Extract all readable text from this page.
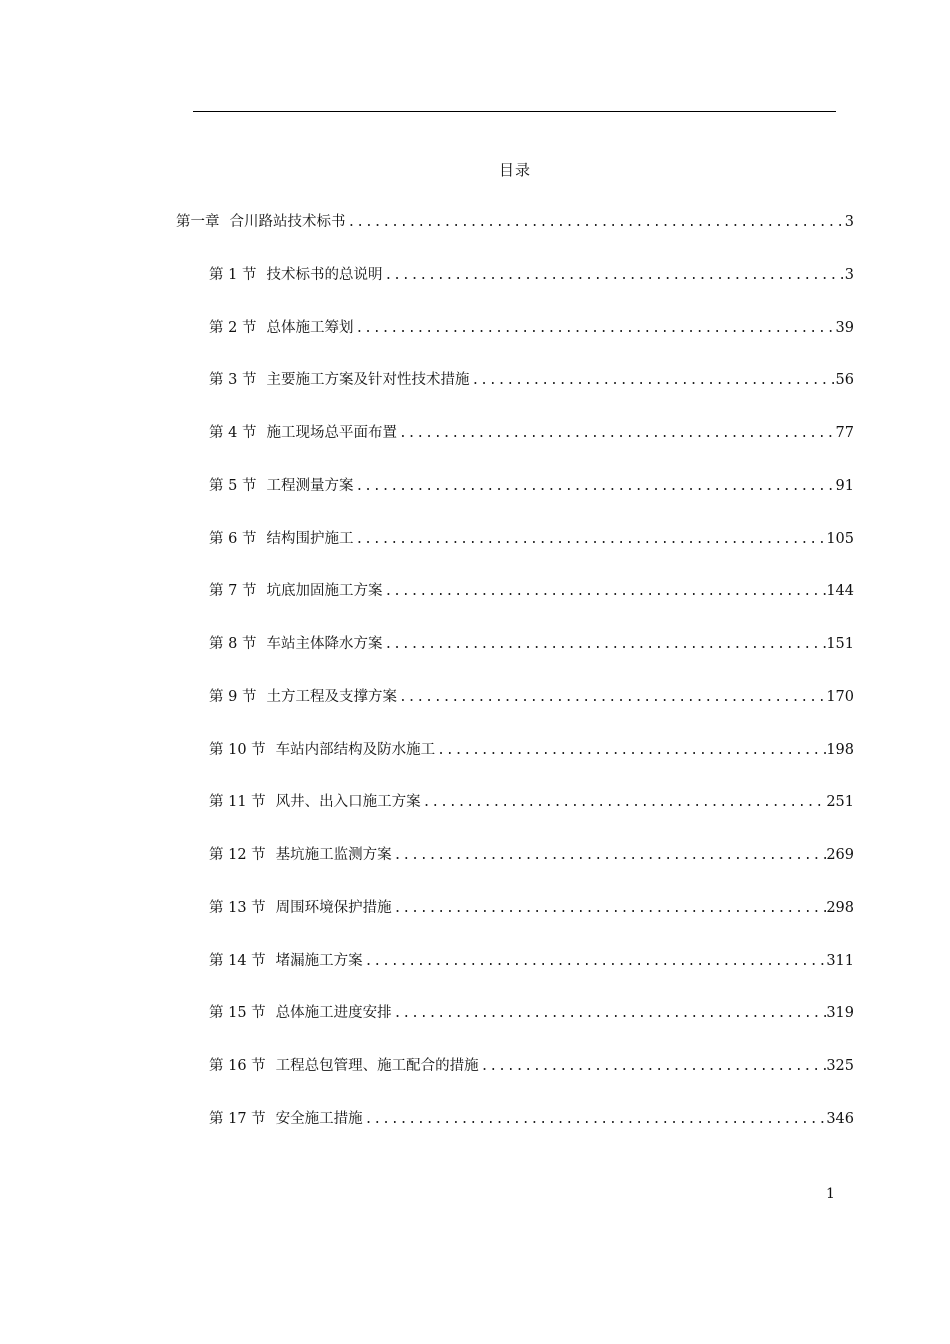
目录
第一章 合川路站技术标书 .....	3
第 1 节 技术标书的总说明 .....	3
第 2 节 总体施工筹划 .....	39
第 3 节 主要施工方案及针对性技术措施 .....	56
第 4 节 施工现场总平面布置 .....	77
第 5 节 工程测量方案 .....	91
第 6 节 结构围护施工 .....	105
第 7 节 坑底加固施工方案 .....	144
第 8 节 车站主体降水方案 .....	151
第 9 节 土方工程及支撑方案 .....	170
第 10 节 车站内部结构及防水施工 .....	198
第 11 节 风井、出入口施工方案 .....	251
第 12 节 基坑施工监测方案 .....	269
第 13 节 周围环境保护措施 .....	298
第 14 节 堵漏施工方案 .....	311
第 15 节 总体施工进度安排 .....	319
第 16 节 工程总包管理、施工配合的措施 .....	325
第 17 节 安全施工措施 .....	346
1
